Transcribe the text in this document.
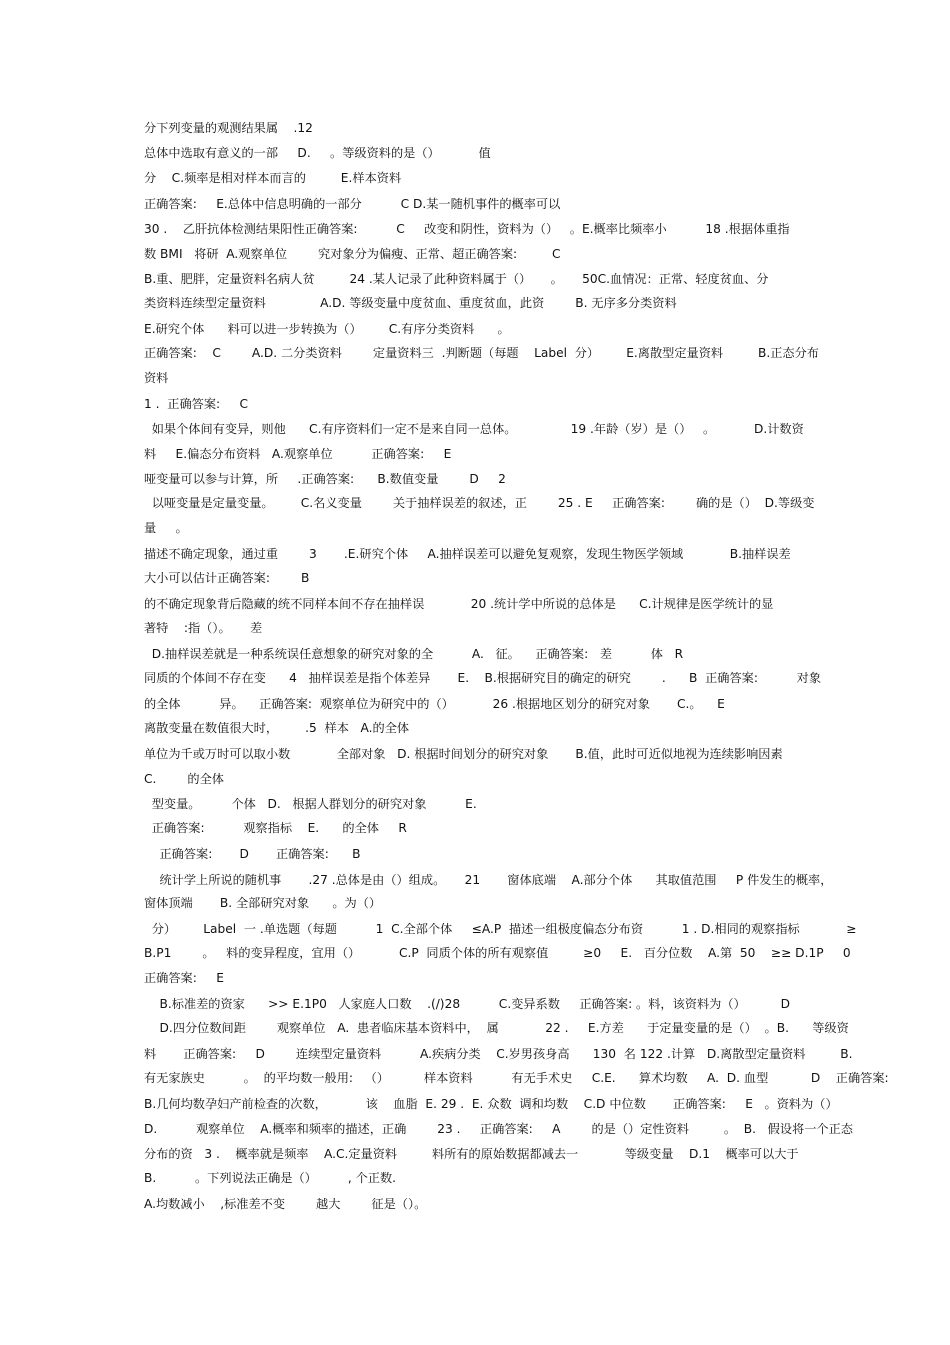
分下列变量的观测结果属    .12
总体中选取有意义的一部     D.     。等级资料的是（）          值
分    C.频率是相对样本而言的         E.样本资料
正确答案:     E.总体中信息明确的一部分          C D.某一随机事件的概率可以
30 .    乙肝抗体检测结果阳性正确答案:          C     改变和阴性，资料为（）   。E.概率比频率小          18 .根据体重指
数 BMI   将研  A.观察单位        究对象分为偏瘦、正常、超正确答案:         C
B.重、肥胖，定量资料名病人贫         24 .某人记录了此种资料属于（）     。     50C.血情况：正常、轻度贫血、分
类资料连续型定量资料              A.D. 等级变量中度贫血、重度贫血，此资        B. 无序多分类资料
E.研究个体      料可以进一步转换为（）       C.有序分类资料      。
正确答案:    C        A.D. 二分类资料        定量资料三  .判断题（每题    Label  分）       E.离散型定量资料         B.正态分布
资料
1 .  正确答案:     C
如果个体间有变异，则他      C.有序资料们一定不是来自同一总体。              19 .年龄（岁）是（）   。          D.计数资
料     E.偏态分布资料   A.观察单位          正确答案:     E
哑变量可以参与计算，所     .正确答案:      B.数值变量        D     2
以哑变量是定量变量。       C.名义变量        关于抽样误差的叙述，正        25 . E     正确答案:        确的是（）  D.等级变
量     。
描述不确定现象，通过重        3       .E.研究个体     A.抽样误差可以避免复观察，发现生物医学领域            B.抽样误差
大小可以估计正确答案:        B
的不确定现象背后隐藏的统不同样本间不存在抽样误            20 .统计学中所说的总体是      C.计规律是医学统计的显
著特    :指（）。     差
D.抽样误差就是一种系统误任意想象的研究对象的全          A.   征。    正确答案:   差          体   R
同质的个体间不存在变      4   抽样误差是指个体差异       E.    B.根据研究目的确定的研究        .      B  正确答案:          对象
的全体          异。    正确答案:  观察单位为研究中的（）          26 .根据地区划分的研究对象       C.。    E
离散变量在数值很大时，       .5  样本   A.的全体
单位为千或万时可以取小数            全部对象   D. 根据时间划分的研究对象       B.值，此时可近似地视为连续影响因素
C.        的全体
型变量。        个体   D.   根据人群划分的研究对象          E.
正确答案:          观察指标    E.      的全体     R
正确答案:       D       正确答案:      B
统计学上所说的随机事       .27 .总体是由（）组成。     21       窗体底端    A.部分个体      其取值范围     P 件发生的概率，
窗体顶端       B. 全部研究对象      。为（）
分）       Label  一 .单选题（每题          1  C.全部个体     ≤A.P  描述一组极度偏态分布资          1 . D.相同的观察指标            ≥
B.P1        。   料的变异程度，宜用（）          C.P  同质个体的所有观察值         ≥0     E.   百分位数    A.第  50    ≥≥ D.1P     0
正确答案:     E
B.标准差的资家      >> E.1P0   人家庭人口数    .(/)28          C.变异系数     正确答案: 。料，该资料为（）         D
D.四分位数间距        观察单位   A.  患者临床基本资料中，  属            22 .     E.方差      于定量变量的是（）  。B.      等级资
料       正确答案:     D        连续型定量资料          A.疾病分类    C.岁男孩身高      130  名 122 .计算   D.离散型定量资料         B.
有无家族史          。  的平均数一般用:   （）         样本资料          有无手术史     C.E.      算术均数     A.  D. 血型           D    正确答案:
B.几何均数孕妇产前检查的次数，          该    血脂  E. 29 .  E. 众数  调和均数    C.D 中位数       正确答案:     E   。资料为（）
D.          观察单位    A.概率和频率的描述，正确        23 .     正确答案:     A        的是（）定性资料         。  B.   假设将一个正态
分布的资   3 .    概率就是频率    A.C.定量资料         料所有的原始数据都减去一            等级变量    D.1    概率可以大于
B.          。下列说法正确是（）        , 个正数.
A.均数减小    ,标准差不变        越大        征是（）。
